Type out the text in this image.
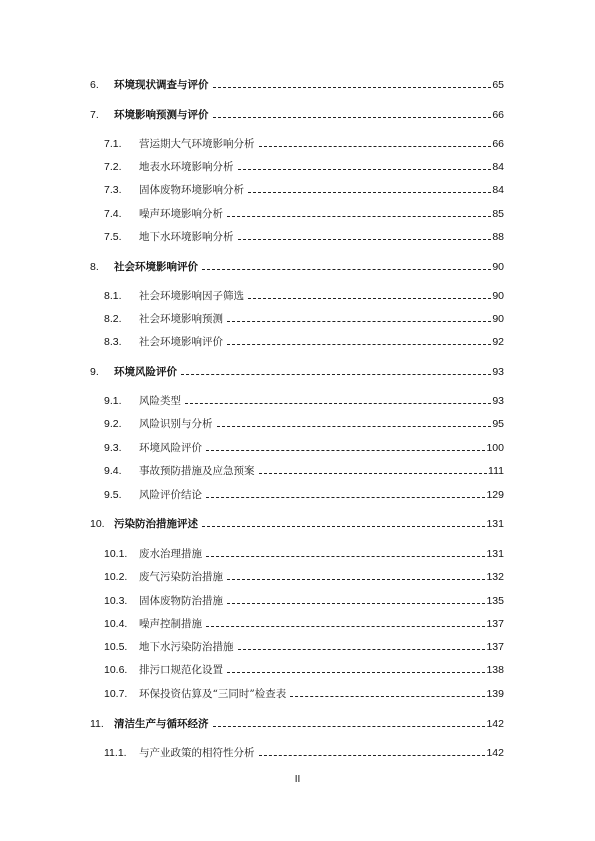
6.	环境现状调查与评价	65
7.	环境影响预测与评价	66
7.1.	营运期大气环境影响分析	66
7.2.	地表水环境影响分析	84
7.3.	固体废物环境影响分析	84
7.4.	噪声环境影响分析	85
7.5.	地下水环境影响分析	88
8.	社会环境影响评价	90
8.1.	社会环境影响因子筛选	90
8.2.	社会环境影响预测	90
8.3.	社会环境影响评价	92
9.	环境风险评价	93
9.1.	风险类型	93
9.2.	风险识别与分析	95
9.3.	环境风险评价	100
9.4.	事故预防措施及应急预案	111
9.5.	风险评价结论	129
10. 污染防治措施评述	131
10.1.	废水治理措施	131
10.2.	废气污染防治措施	132
10.3.	固体废物防治措施	135
10.4.	噪声控制措施	137
10.5.	地下水污染防治措施	137
10.6.	排污口规范化设置	138
10.7.	环保投资估算及“三同时”检查表	139
11. 清洁生产与循环经济	142
11.1.	与产业政策的相符性分析	142
II
